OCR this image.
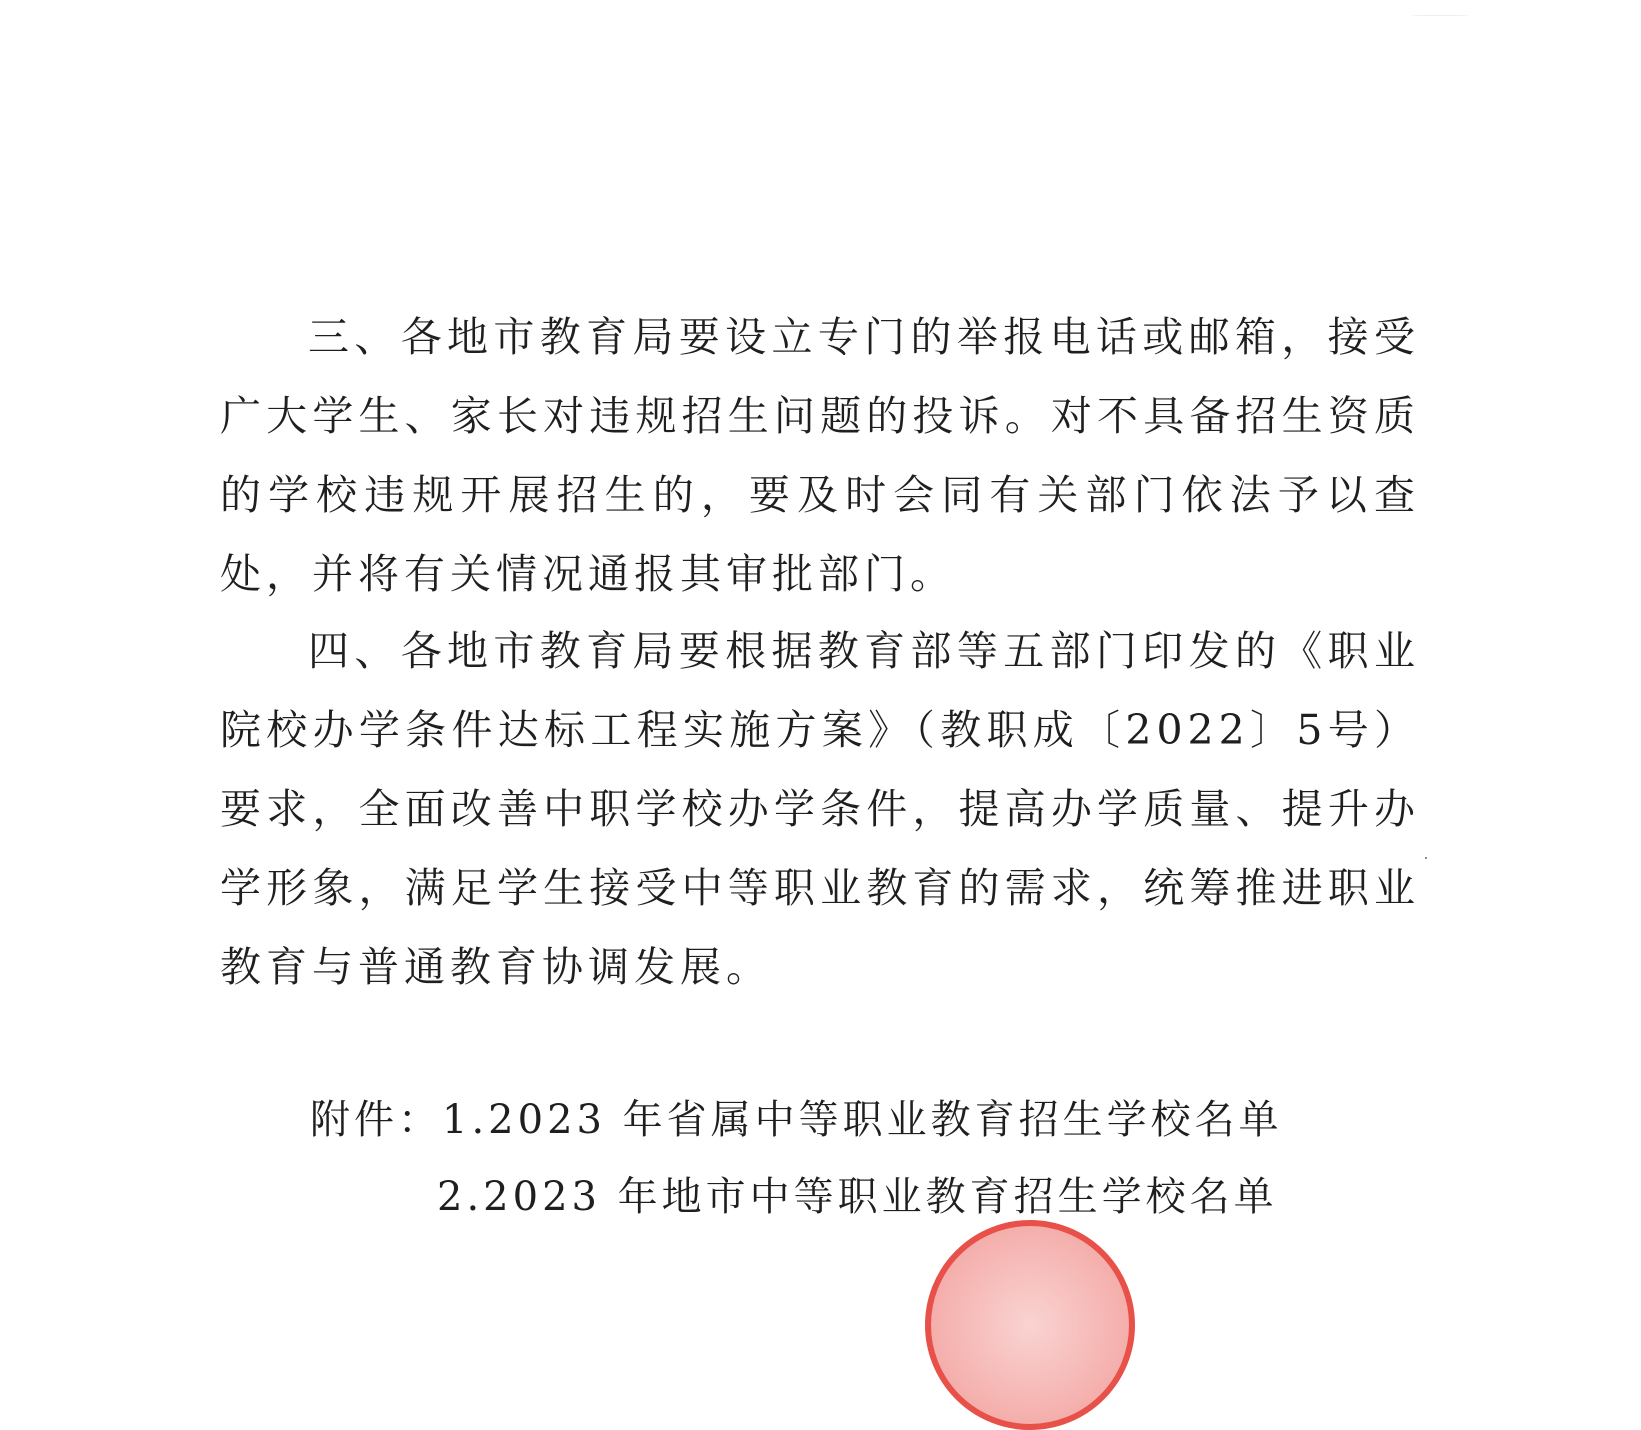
三、各地市教育局要设立专门的举报电话或邮箱，接受广大学生、家长对违规招生问题的投诉。对不具备招生资质的学校违规开展招生的，要及时会同有关部门依法予以查处，并将有关情况通报其审批部门。

四、各地市教育局要根据教育部等五部门印发的《职业院校办学条件达标工程实施方案》（教职成〔2022〕5号）要求，全面改善中职学校办学条件，提高办学质量、提升办学形象，满足学生接受中等职业教育的需求，统筹推进职业教育与普通教育协调发展。

附件：1.2023 年省属中等职业教育招生学校名单
2.2023 年地市中等职业教育招生学校名单
